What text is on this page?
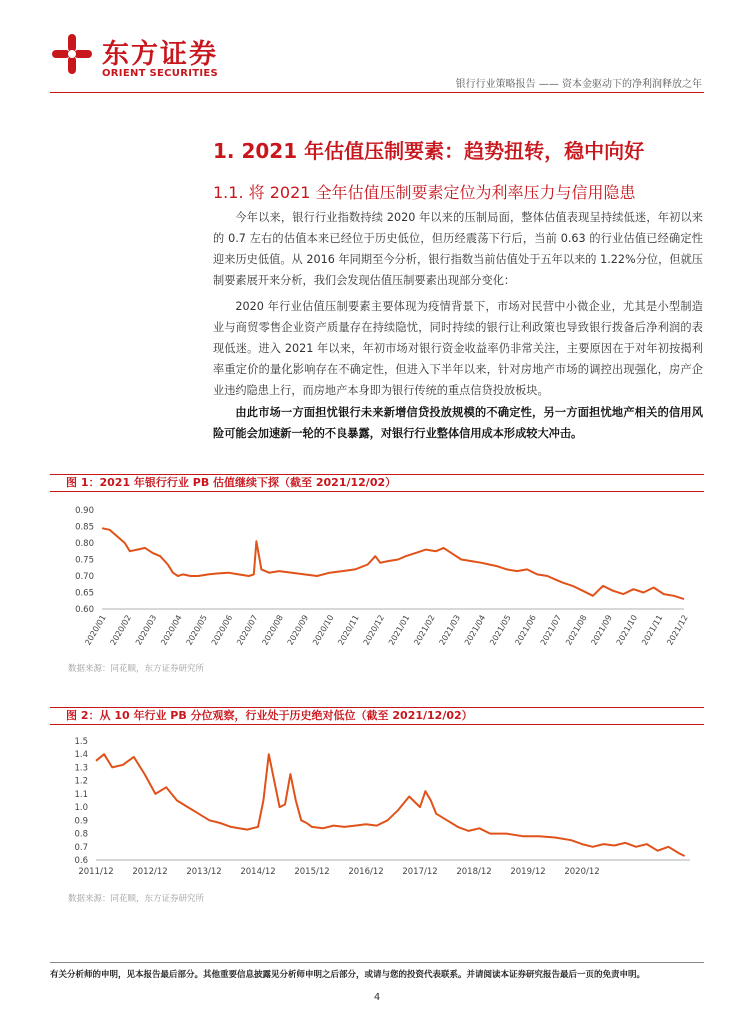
东方证券
ORIENT SECURITIES
银行行业策略报告 —— 资本金驱动下的净利润释放之年
1. 2021 年估值压制要素：趋势扭转，稳中向好
1.1. 将 2021 全年估值压制要素定位为利率压力与信用隐患

今年以来，银行行业指数持续 2020 年以来的压制局面，整体估值表现呈持续低迷，年初以来的 0.7 左右的估值本来已经位于历史低位，但历经震荡下行后，当前 0.63 的行业估值已经确定性迎来历史低值。从 2016 年同期至今分析，银行指数当前估值处于五年以来的 1.22%分位，但就压制要素展开来分析，我们会发现估值压制要素出现部分变化：

2020 年行业估值压制要素主要体现为疫情背景下，市场对民营中小微企业，尤其是小型制造业与商贸零售企业资产质量存在持续隐忧，同时持续的银行让利政策也导致银行拨备后净利润的表现低迷。进入 2021 年以来，年初市场对银行资金收益率仍非常关注，主要原因在于对年初按揭利率重定价的量化影响存在不确定性，但进入下半年以来，针对房地产市场的调控出现强化，房产企业违约隐患上行，而房地产本身即为银行传统的重点信贷投放板块。

由此市场一方面担忧银行未来新增信贷投放规模的不确定性，另一方面担忧地产相关的信用风险可能会加速新一轮的不良暴露，对银行行业整体信用成本形成较大冲击。

图 1：2021 年银行行业 PB 估值继续下探（截至 2021/12/02）
0.90
0.85
0.80
0.75
0.70
0.65
0.60
2020/01 2020/02 2020/03 2020/04 2020/05 2020/06 2020/07 2020/08 2020/09 2020/10 2020/11 2020/12 2021/01 2021/02 2021/03 2021/04 2021/05 2021/06 2021/07 2021/08 2021/09 2021/10 2021/11 2021/12
数据来源：同花顺，东方证券研究所
图 2：从 10 年行业 PB 分位观察，行业处于历史绝对低位（截至 2021/12/02）
1.5
1.4
1.3
1.2
1.1
1.0
0.9
0.8
0.7
0.6
2011/12 2012/12 2013/12 2014/12 2015/12 2016/12 2017/12 2018/12 2019/12 2020/12
数据来源：同花顺，东方证券研究所
有关分析师的申明，见本报告最后部分。其他重要信息披露见分析师申明之后部分，或请与您的投资代表联系。并请阅读本证券研究报告最后一页的免责申明。
4
